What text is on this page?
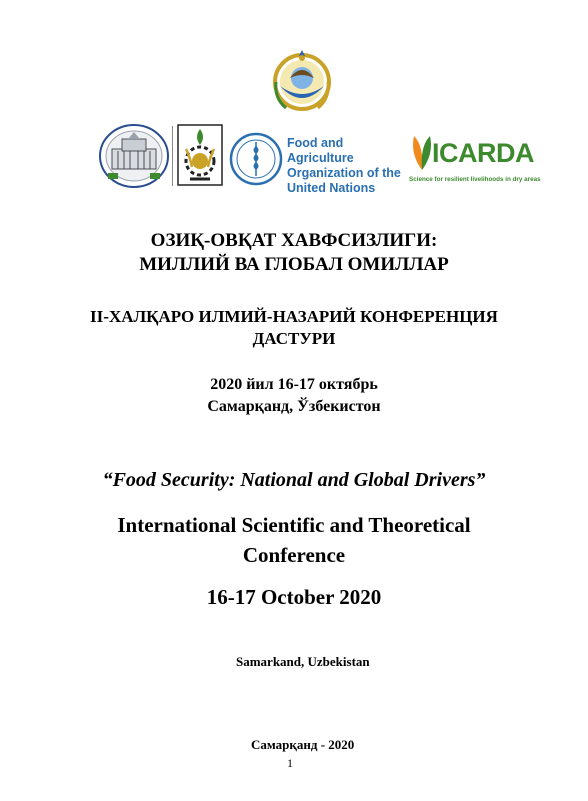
Food and Agriculture
Organization of the
United Nations
ICARDA
Science for resilient livelihoods in dry areas
ОЗИҚ-ОВҚАТ ХАВФСИЗЛИГИ:
МИЛЛИЙ ВА ГЛОБАЛ ОМИЛЛАР
II-ХАЛҚАРО ИЛМИЙ-НАЗАРИЙ КОНФЕРЕНЦИЯ
ДАСТУРИ
2020 йил 16-17 октябрь
Самарқанд, Ўзбекистон
“Food Security: National and Global Drivers”
International Scientific and Theoretical
Conference
16-17 October 2020
Samarkand, Uzbekistan
Самарқанд - 2020
1
